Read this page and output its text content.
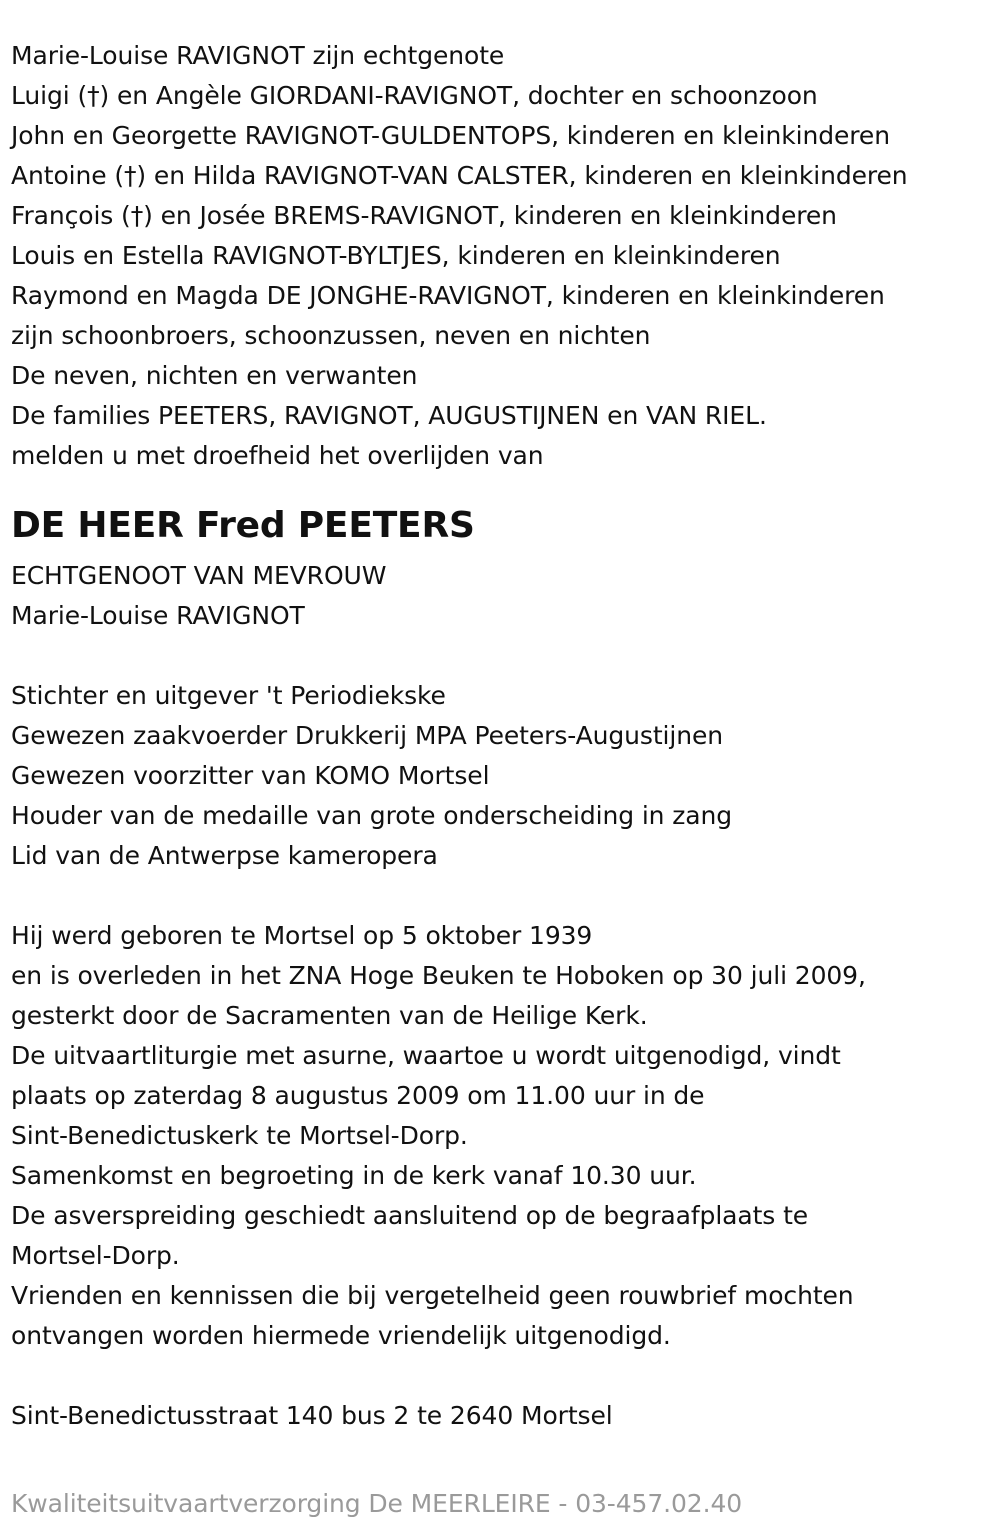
Marie-Louise RAVIGNOT zijn echtgenote
Luigi (†) en Angèle GIORDANI-RAVIGNOT, dochter en schoonzoon
John en Georgette RAVIGNOT-GULDENTOPS, kinderen en kleinkinderen
Antoine (†) en Hilda RAVIGNOT-VAN CALSTER, kinderen en kleinkinderen
François (†) en Josée BREMS-RAVIGNOT, kinderen en kleinkinderen
Louis en Estella RAVIGNOT-BYLTJES, kinderen en kleinkinderen
Raymond en Magda DE JONGHE-RAVIGNOT, kinderen en kleinkinderen
zijn schoonbroers, schoonzussen, neven en nichten
De neven, nichten en verwanten
De families PEETERS, RAVIGNOT, AUGUSTIJNEN en VAN RIEL.
melden u met droefheid het overlijden van
DE HEER Fred PEETERS
ECHTGENOOT VAN MEVROUW
Marie-Louise RAVIGNOT
Stichter en uitgever 't Periodiekske
Gewezen zaakvoerder Drukkerij MPA Peeters-Augustijnen
Gewezen voorzitter van KOMO Mortsel
Houder van de medaille van grote onderscheiding in zang
Lid van de Antwerpse kameropera
Hij werd geboren te Mortsel op 5 oktober 1939
en is overleden in het ZNA Hoge Beuken te Hoboken op 30 juli 2009,
gesterkt door de Sacramenten van de Heilige Kerk.
De uitvaartliturgie met asurne, waartoe u wordt uitgenodigd, vindt
plaats op zaterdag 8 augustus 2009 om 11.00 uur in de
Sint-Benedictuskerk te Mortsel-Dorp.
Samenkomst en begroeting in de kerk vanaf 10.30 uur.
De asverspreiding geschiedt aansluitend op de begraafplaats te
Mortsel-Dorp.
Vrienden en kennissen die bij vergetelheid geen rouwbrief mochten
ontvangen worden hiermede vriendelijk uitgenodigd.
Sint-Benedictusstraat 140 bus 2 te 2640 Mortsel
Kwaliteitsuitvaartverzorging De MEERLEIRE - 03-457.02.40
